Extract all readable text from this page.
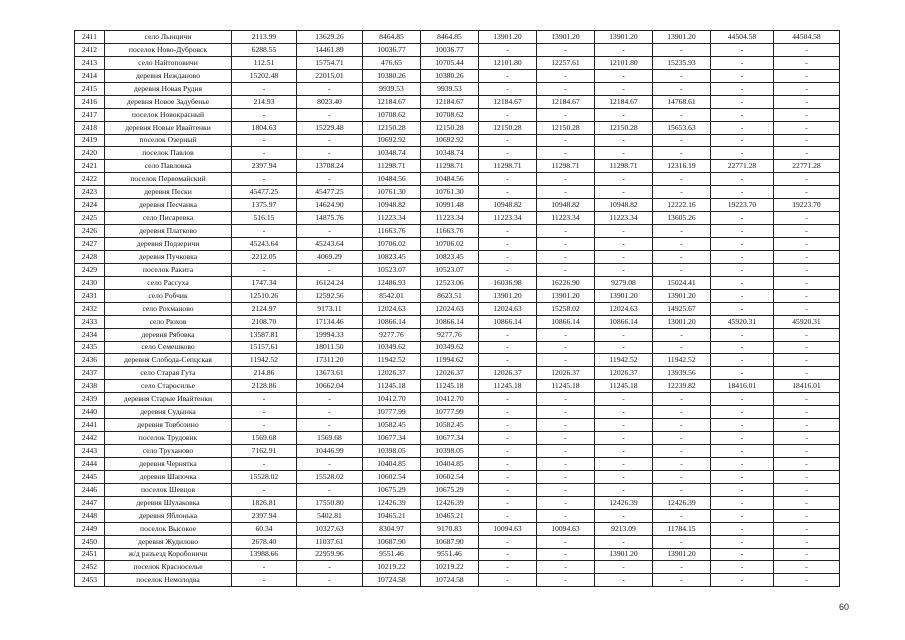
2411	село Лынцичи	2113.99	13629.26	8464.85	8464.85	13901.20	13901.20	13901.20	13901.20	44504.58	44504.58
2412	поселок Ново-Дубровск	6288.55	14461.89	10036.77	10036.77	-	-	-	-	-	-
2413	село Найтоповичи	112.51	15754.71	476.65	10705.44	12101.80	12257.61	12101.80	15235.93	-	-
2414	деревня Неждановo	15202.48	22015.01	10380.26	10380.26	-	-	-	-	-	-
2415	деревня Новая Рудня	-	-	9939.53	9939.53	-	-	-	-	-	-
2416	деревня Новое Задубенье	214.93	8023.40	12184.67	12184.67	12184.67	12184.67	12184.67	14768.61	-	-
2417	поселок Новокрасный	-	-	10708.62	10708.62	-	-	-	-	-	-
2418	деревня Новые Ивайтенки	1804.63	15229.48	12150.28	12150.28	12150.28	12150.28	12150.28	15653.63	-	-
2419	поселок Озерный	-	-	10692.92	10692.92	-	-	-	-	-	-
2420	поселок Павлов	-	-	10348.74	10348.74	-	-	-	-	-	-
2421	село Павловка	2397.94	13708.24	11298.71	11298.71	11298.71	11298.71	11298.71	12316.19	22771.28	22771.28
2422	поселок Первомайский	-	-	10484.56	10484.56	-	-	-	-	-	-
2423	деревня Пески	45477.25	45477.25	10761.30	10761.30	-	-	-	-	-	-
2424	деревня Песчанка	1375.97	14624.90	10948.82	10991.48	10948.82	10948.82	10948.82	12222.16	19223.70	19223.70
2425	село Писаревка	516.15	14875.76	11223.34	11223.34	11223.34	11223.34	11223.34	13605.26	-	-
2426	деревня Платково	-	-	11663.76	11663.76	-	-	-	-	-	-
2427	деревня Подзеричи	45243.64	45243.64	10706.02	10706.02	-	-	-	-	-	-
2428	деревня Пучковка	2212.05	4069.29	10823.45	10823.45	-	-	-	-	-	-
2429	поселок Ракита	-	-	10523.07	10523.07	-	-	-	-	-	-
2430	село Рассуха	1747.34	16124.24	12486.93	12523.06	16036.98	16226.90	9279.08	15024.41	-	-
2431	село Робчик	12510.26	12592.56	8542.01	8623.51	13901.20	13901.20	13901.20	13901.20	-	-
2432	село Рохманово	2124.97	9173.11	12024.63	12024.63	12024.63	15258.02	12024.63	14925.67	-	-
2433	село Рюхов	2108.70	17134.46	10866.14	10866.14	10866.14	10866.14	10866.14	13001.20	45920.31	45920.31
2434	деревня Рябовка	13587.81	19994.33	9277.76	9277.76	-	-	-	-	-	-
2435	село Семешково	15157.61	18011.50	10349.62	10349.62	-	-	-	-	-	-
2436	деревня Слобода-Сепцская	11942.52	17311.20	11942.52	11994.62	-	-	11942.52	11942.52	-	-
2437	село Старая Гута	214.86	13673.61	12026.37	12026.37	12026.37	12026.37	12026.37	13939.56	-	-
2438	село Старосилье	2128.86	10662.04	11245.18	11245.18	11245.18	11245.18	11245.18	12239.82	18416.01	18416.01
2439	деревня Старые Ивайтенки	-	-	10412.70	10412.70	-	-	-	-	-	-
2440	деревня Судынка	-	-	10777.99	10777.99	-	-	-	-	-	-
2441	деревня Товбозино	-	-	10582.45	10582.45	-	-	-	-	-	-
2442	поселок Трудовик	1569.68	1569.68	10677.34	10677.34	-	-	-	-	-	-
2443	село Труханово	7162.91	10446.99	10398.05	10398.05	-	-	-	-	-	-
2444	деревня Черняткa	-	-	10404.85	10404.85	-	-	-	-	-	-
2445	деревня Шапочка	15528.02	15528.02	10602.54	10602.54	-	-	-	-	-	-
2446	поселок Шевцов	-	-	10675.29	10675.29	-	-	-	-	-	-
2447	деревня Шулаковка	1826.81	17550.80	12426.39	12426.39	-	-	12426.39	12426.39	-	-
2448	деревня Яблонька	2397.94	5402.81	10465.21	10465.21	-	-	-	-	-	-
2449	поселок Высокое	60.34	10327.63	8304.97	9170.83	10094.63	10094.63	9213.09	11784.15	-	-
2450	деревня Жудилово	2678.40	11037.61	10687.90	10687.90	-	-	-	-	-	-
2451	ж/д разъезд Коробоничи	13988.66	22959.96	9551.46	9551.46	-	-	13901.20	13901.20	-	-
2452	поселок Красноселье	-	-	10219.22	10219.22	-	-	-	-	-	-
2453	поселок Немолодва	-	-	10724.58	10724.58	-	-	-	-	-	-
60
